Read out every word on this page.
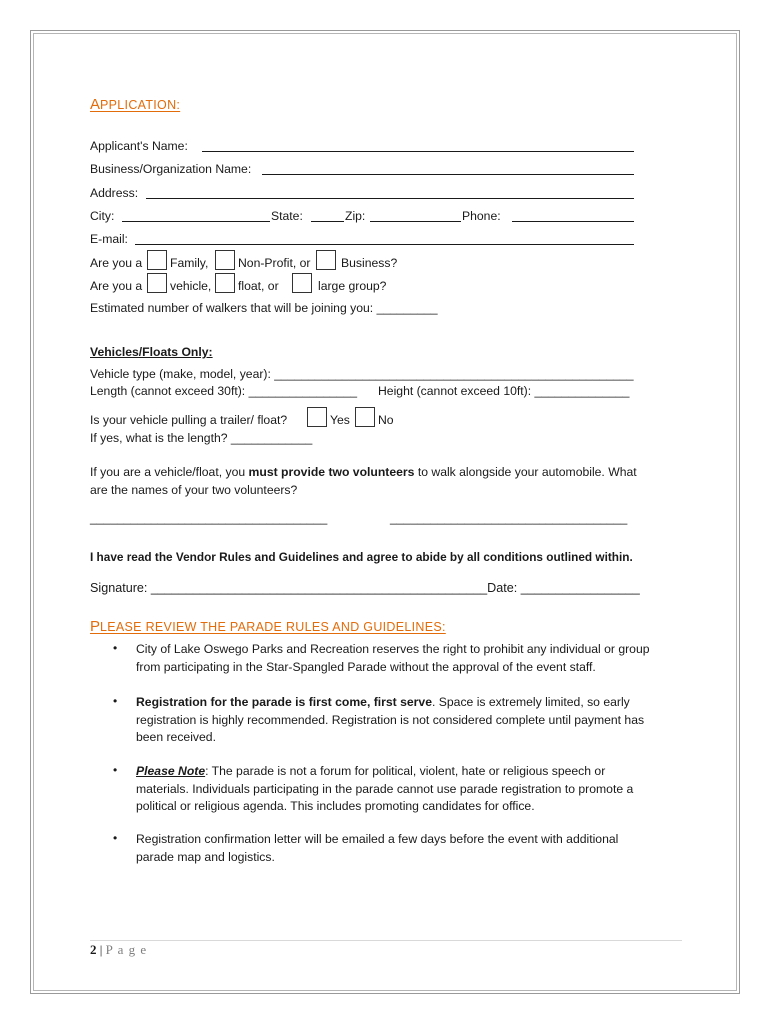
APPLICATION:
Applicant's Name:
Business/Organization Name:
Address:
City:	State:	Zip:	Phone:
E-mail:
Are you a Family, Non-Profit, or	Business?
Are you a vehicle, float, or	large group?
Estimated number of walkers that will be joining you: _________
Vehicles/Floats Only:
Vehicle type (make, model, year): _____________________________________________________
Length (cannot exceed 30ft): ________________ Height (cannot exceed 10ft): ______________
Is your vehicle pulling a trailer/ float?	Yes No
If yes, what is the length? ____________
If you are a vehicle/float, you must provide two volunteers to walk alongside your automobile. What
are the names of your two volunteers?
___________________________________	___________________________________
I have read the Vendor Rules and Guidelines and agree to abide by all conditions outlined within.
Signature: ________________________________________________Date: _________________
PLEASE REVIEW THE PARADE RULES AND GUIDELINES:
• City of Lake Oswego Parks and Recreation reserves the right to prohibit any individual or group
from participating in the Star-Spangled Parade without the approval of the event staff.
• Registration for the parade is first come, first serve. Space is extremely limited, so early
registration is highly recommended. Registration is not considered complete until payment has
been received.
• Please Note: The parade is not a forum for political, violent, hate or religious speech or
materials. Individuals participating in the parade cannot use parade registration to promote a
political or religious agenda. This includes promoting candidates for office.
• Registration confirmation letter will be emailed a few days before the event with additional
parade map and logistics.
2 | P a g e
